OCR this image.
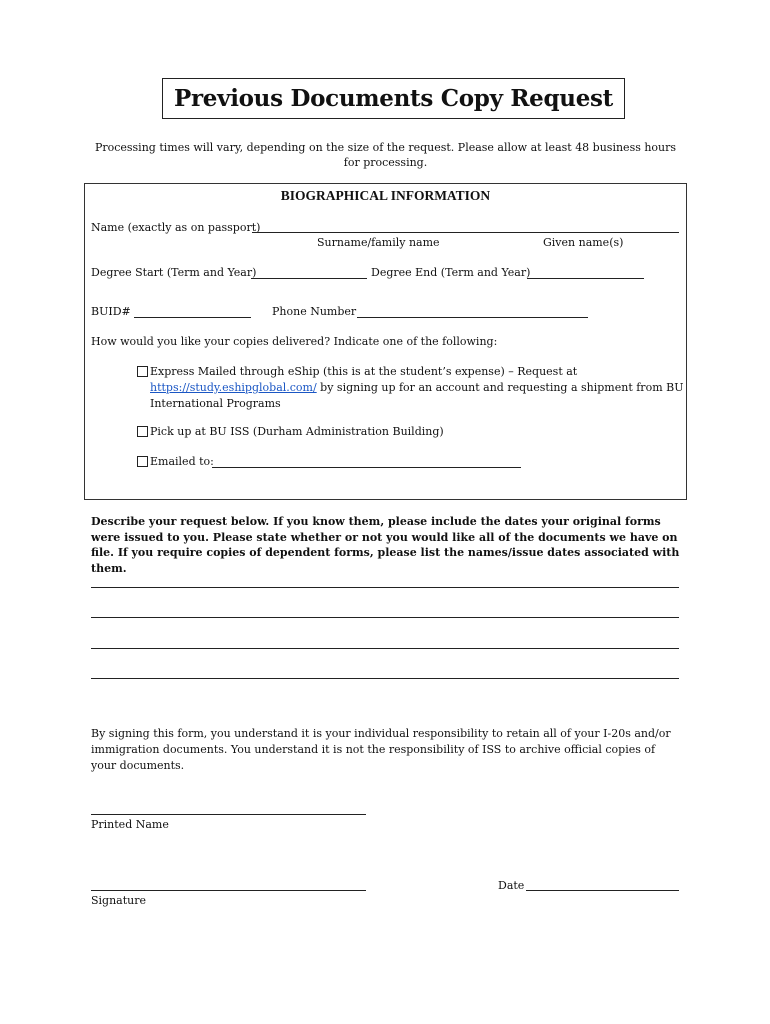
Previous Documents Copy Request
Processing times will vary, depending on the size of the request. Please allow at least 48 business hours for processing.
BIOGRAPHICAL INFORMATION
Name (exactly as on passport)
Surname/family name	Given name(s)
Degree Start (Term and Year)	Degree End (Term and Year)
BUID#	Phone Number
How would you like your copies delivered? Indicate one of the following:
Express Mailed through eShip (this is at the student’s expense) – Request at
https://study.eshipglobal.com/ by signing up for an account and requesting a shipment from BU
International Programs
Pick up at BU ISS (Durham Administration Building)
Emailed to:
Describe your request below. If you know them, please include the dates your original forms were issued to you. Please state whether or not you would like all of the documents we have on file. If you require copies of dependent forms, please list the names/issue dates associated with them.
By signing this form, you understand it is your individual responsibility to retain all of your I-20s and/or immigration documents. You understand it is not the responsibility of ISS to archive official copies of your documents.
Printed Name
Signature
Date
